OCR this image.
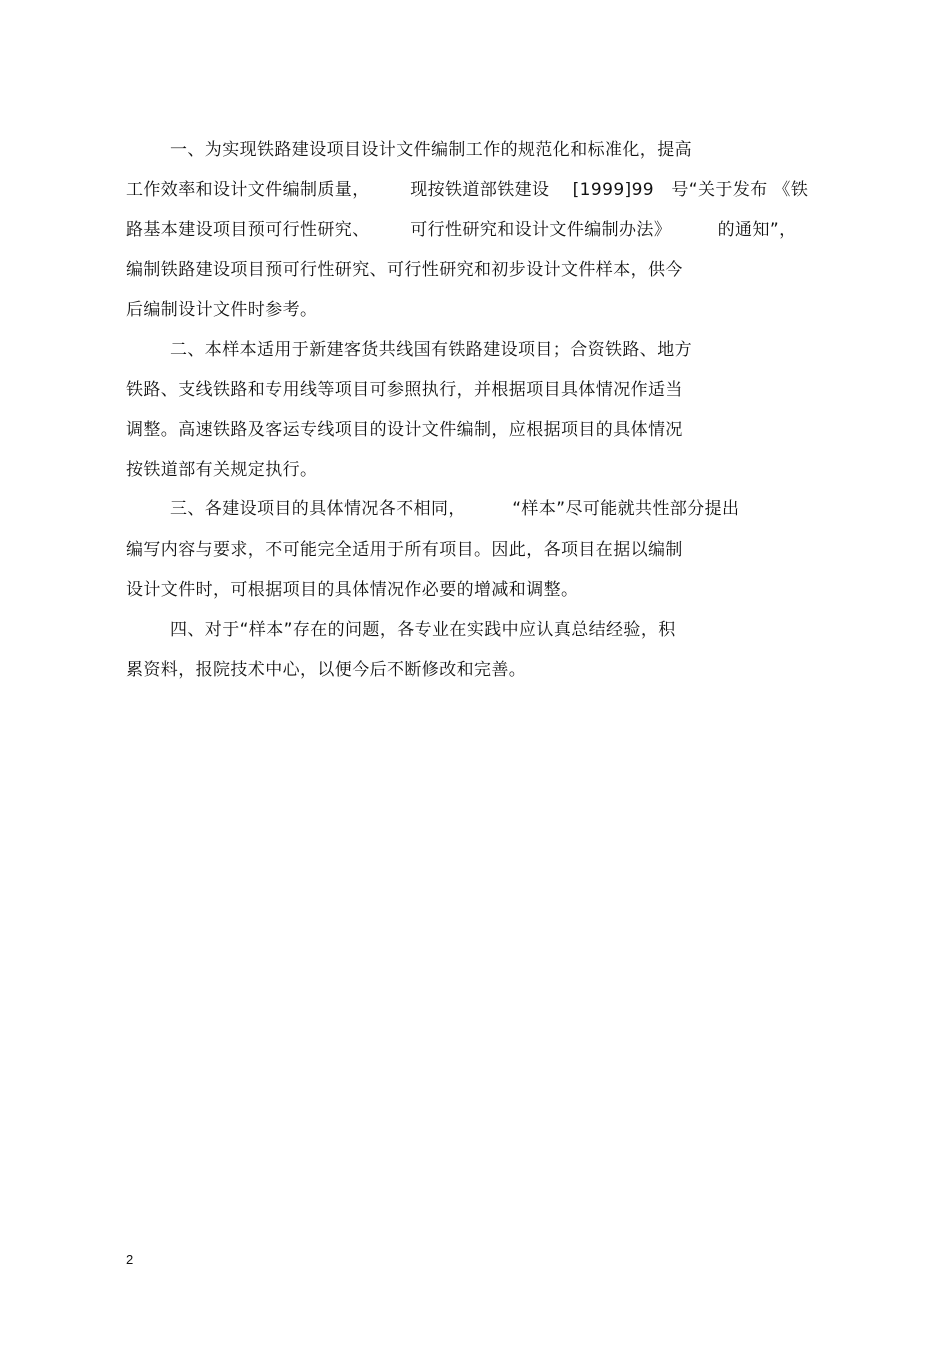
一、为实现铁路建设项目设计文件编制工作的规范化和标准化，提高
工作效率和设计文件编制质量，       现按铁道部铁建设    [1999]99   号“关于发布 《铁
路基本建设项目预可行性研究、       可行性研究和设计文件编制办法》        的通知”，
编制铁路建设项目预可行性研究、可行性研究和初步设计文件样本，供今
后编制设计文件时参考。
二、本样本适用于新建客货共线国有铁路建设项目；合资铁路、地方
铁路、支线铁路和专用线等项目可参照执行，并根据项目具体情况作适当
调整。高速铁路及客运专线项目的设计文件编制，应根据项目的具体情况
按铁道部有关规定执行。
三、各建设项目的具体情况各不相同，        “样本”尽可能就共性部分提出
编写内容与要求，不可能完全适用于所有项目。因此，各项目在据以编制
设计文件时，可根据项目的具体情况作必要的增减和调整。
四、对于“样本”存在的问题，各专业在实践中应认真总结经验，积
累资料，报院技术中心，以便今后不断修改和完善。
2
